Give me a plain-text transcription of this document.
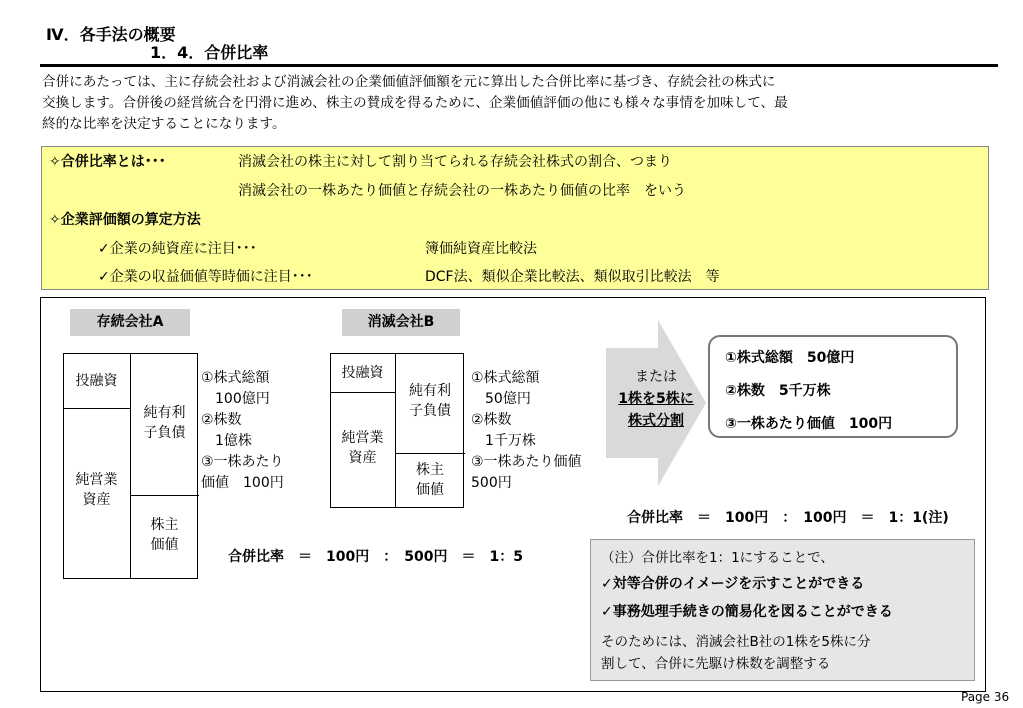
Ⅳ．各手法の概要
1．4．合併比率
合併にあたっては、主に存続会社および消滅会社の企業価値評価額を元に算出した合併比率に基づき、存続会社の株式に
交換します。合併後の経営統合を円滑に進め、株主の賛成を得るために、企業価値評価の他にも様々な事情を加味して、最
終的な比率を決定することになります。
✧合併比率とは･･･	消滅会社の株主に対して割り当てられる存続会社株式の割合、つまり
消滅会社の一株あたり価値と存続会社の一株あたり価値の比率　をいう
✧企業評価額の算定方法
✓企業の純資産に注目･･･	簿価純資産比較法
✓企業の収益価値等時価に注目･･･	DCF法、類似企業比較法、類似取引比較法　等
存続会社A
投融資
純営業
資産
純有利
子負債
株主
価値
①株式総額
　100億円
②株数
　1億株
③一株あたり
価値　100円
消滅会社B
投融資
純営業
資産
純有利
子負債
株主
価値
①株式総額
　50億円
②株数
　1千万株
③一株あたり価値
500円
合併比率　＝　100円　：　500円　＝　1：5
または
1株を5株に
株式分割
①株式総額　50億円
②株数　5千万株
③一株あたり価値　100円
合併比率　＝　100円　：　100円　＝　1：1(注)
（注）合併比率を1：1にすることで、
✓対等合併のイメージを示すことができる
✓事務処理手続きの簡易化を図ることができる
そのためには、消滅会社B社の1株を5株に分
割して、合併に先駆け株数を調整する
Page 36
